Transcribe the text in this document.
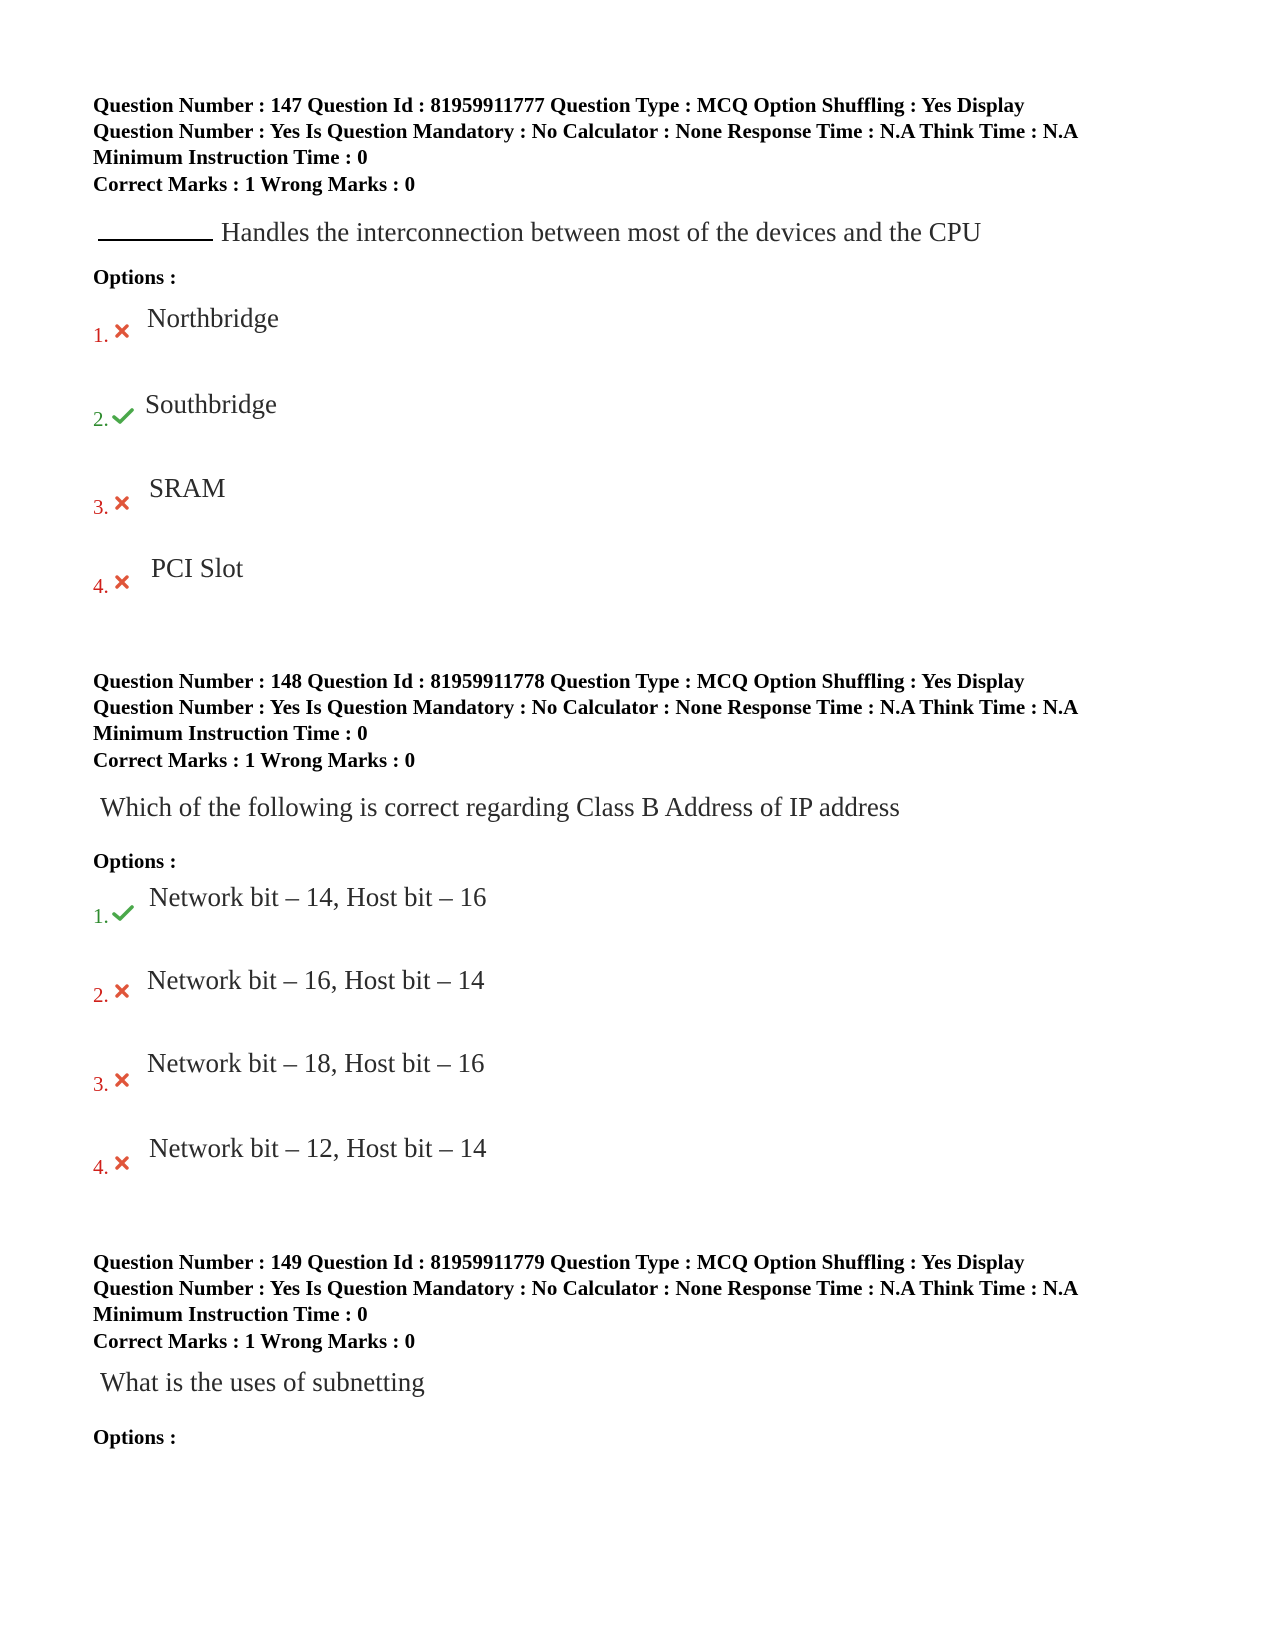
Question Number : 147 Question Id : 81959911777 Question Type : MCQ Option Shuffling : Yes Display
Question Number : Yes Is Question Mandatory : No Calculator : None Response Time : N.A Think Time : N.A
Minimum Instruction Time : 0
Correct Marks : 1 Wrong Marks : 0
Handles the interconnection between most of the devices and the CPU
Options :
1.
Northbridge
2. Southbridge
3.
SRAM
4.
PCI Slot
Question Number : 148 Question Id : 81959911778 Question Type : MCQ Option Shuffling : Yes Display
Question Number : Yes Is Question Mandatory : No Calculator : None Response Time : N.A Think Time : N.A
Minimum Instruction Time : 0
Correct Marks : 1 Wrong Marks : 0
Which of the following is correct regarding Class B Address of IP address
Options :
1.
Network bit – 14, Host bit – 16
2. Network bit – 16, Host bit – 14
3.
Network bit – 18, Host bit – 16
4.
Network bit – 12, Host bit – 14
Question Number : 149 Question Id : 81959911779 Question Type : MCQ Option Shuffling : Yes Display
Question Number : Yes Is Question Mandatory : No Calculator : None Response Time : N.A Think Time : N.A
Minimum Instruction Time : 0
Correct Marks : 1 Wrong Marks : 0
What is the uses of subnetting
Options :
